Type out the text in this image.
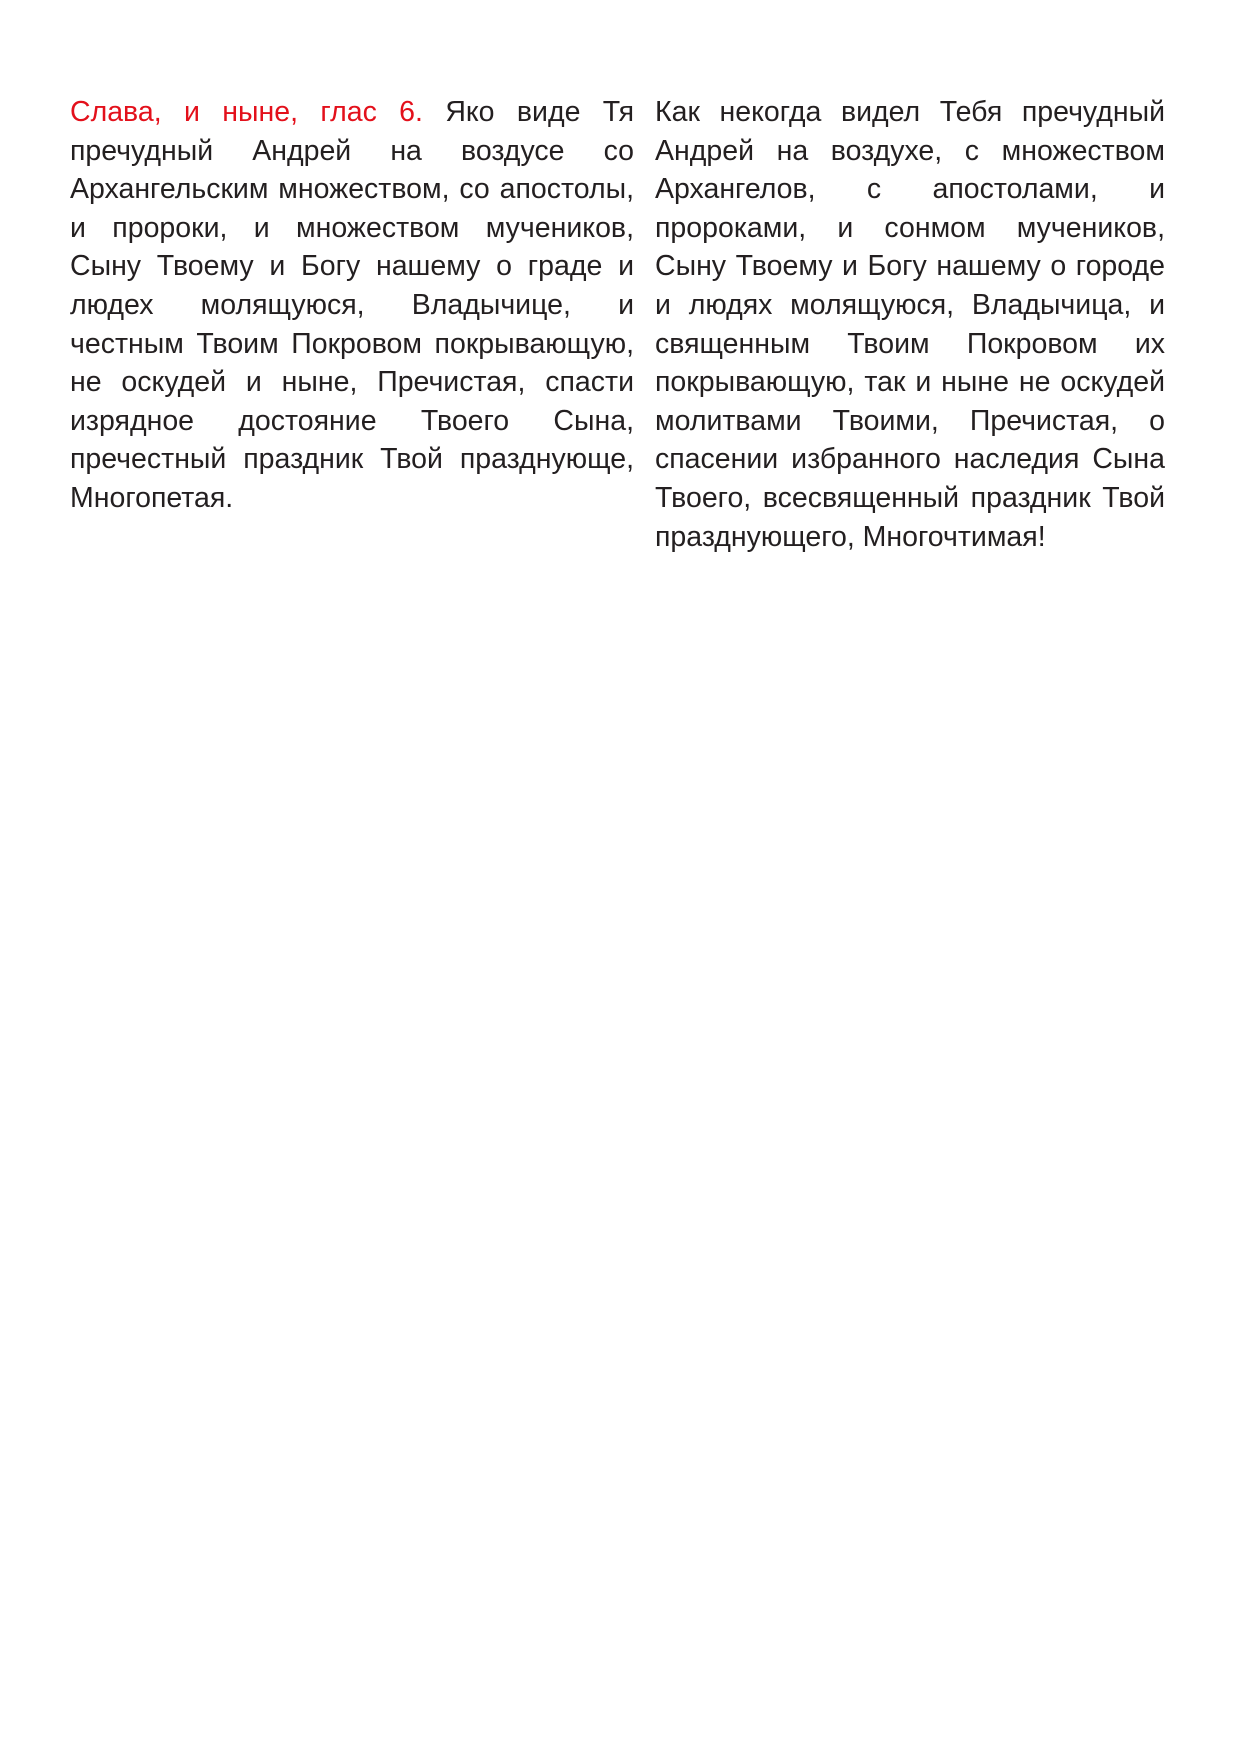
Слава, и ныне, глас 6. Яко виде Тя пречудный Андрей на воздусе со Архангельским множеством, со апостолы, и пророки, и множеством мучеников, Сыну Твоему и Богу нашему о граде и людех молящуюся, Владычице, и честным Твоим Покровом покрывающую, не оскудей и ныне, Пречистая, спасти изрядное достояние Твоего Сына, пречестный праздник Твой празднующе, Многопетая.
Как некогда видел Тебя пречудный Андрей на воздухе, с множеством Архангелов, с апостолами, и пророками, и сонмом мучеников, Сыну Твоему и Богу нашему о городе и людях молящуюся, Владычица, и священным Твоим Покровом их покрывающую, так и ныне не оскудей молитвами Твоими, Пречистая, о спасении избранного наследия Сына Твоего, всесвященный праздник Твой празднующего, Многочтимая!
